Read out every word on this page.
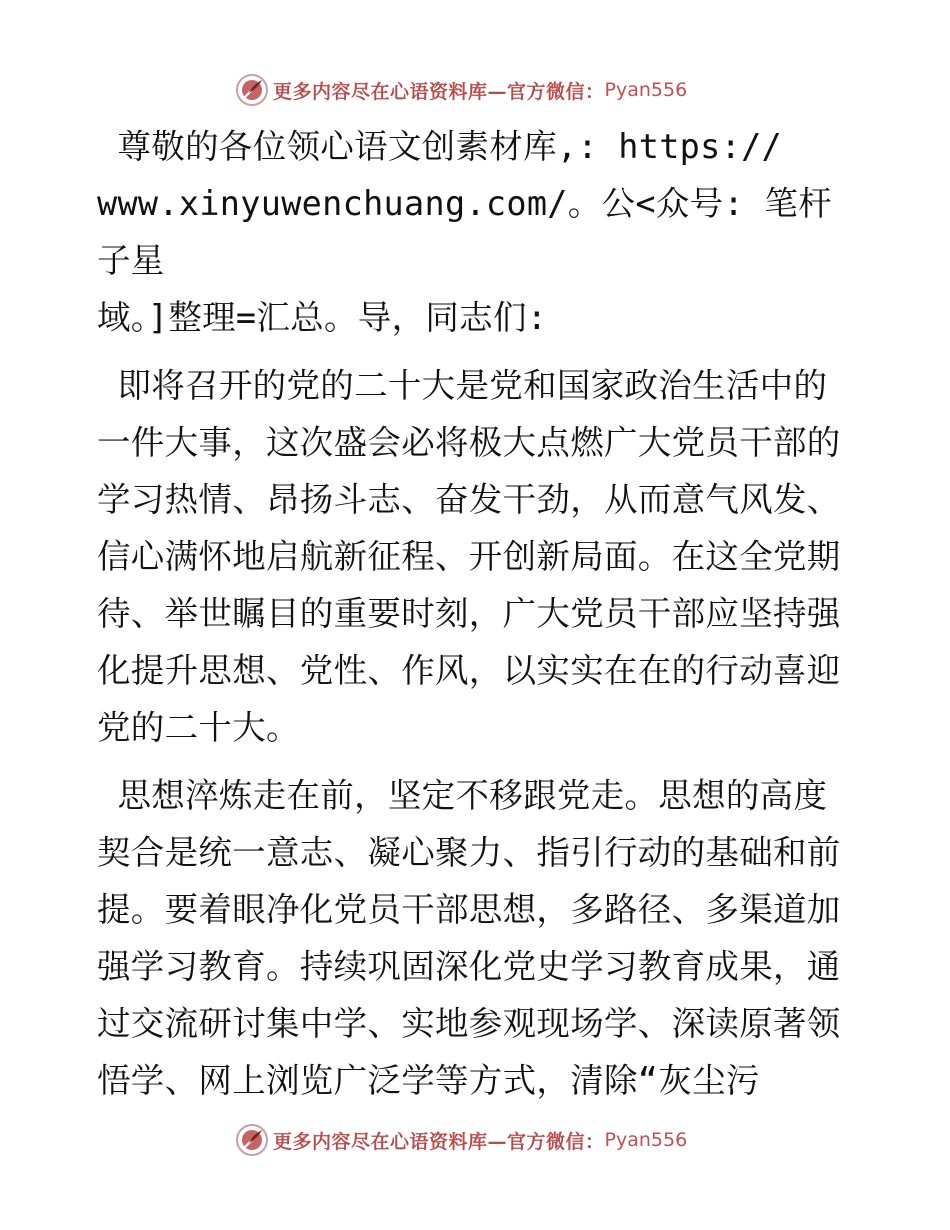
更多内容尽在心语资料库—官方微信： Pyan556

尊敬的各位领心语文创素材库,: https://
www.xinyuwenchuang.com/。公<众号: 笔杆子星
域。]整理=汇总。导，同志们:

即将召开的党的二十大是党和国家政治生活中的
一件大事，这次盛会必将极大点燃广大党员干部的
学习热情、昂扬斗志、奋发干劲，从而意气风发、
信心满怀地启航新征程、开创新局面。在这全党期
待、举世瞩目的重要时刻，广大党员干部应坚持强
化提升思想、党性、作风，以实实在在的行动喜迎
党的二十大。

思想淬炼走在前，坚定不移跟党走。思想的高度
契合是统一意志、凝心聚力、指引行动的基础和前
提。要着眼净化党员干部思想，多路径、多渠道加
强学习教育。持续巩固深化党史学习教育成果，通
过交流研讨集中学、实地参观现场学、深读原著领
悟学、网上浏览广泛学等方式，清除“灰尘污

更多内容尽在心语资料库—官方微信： Pyan556
